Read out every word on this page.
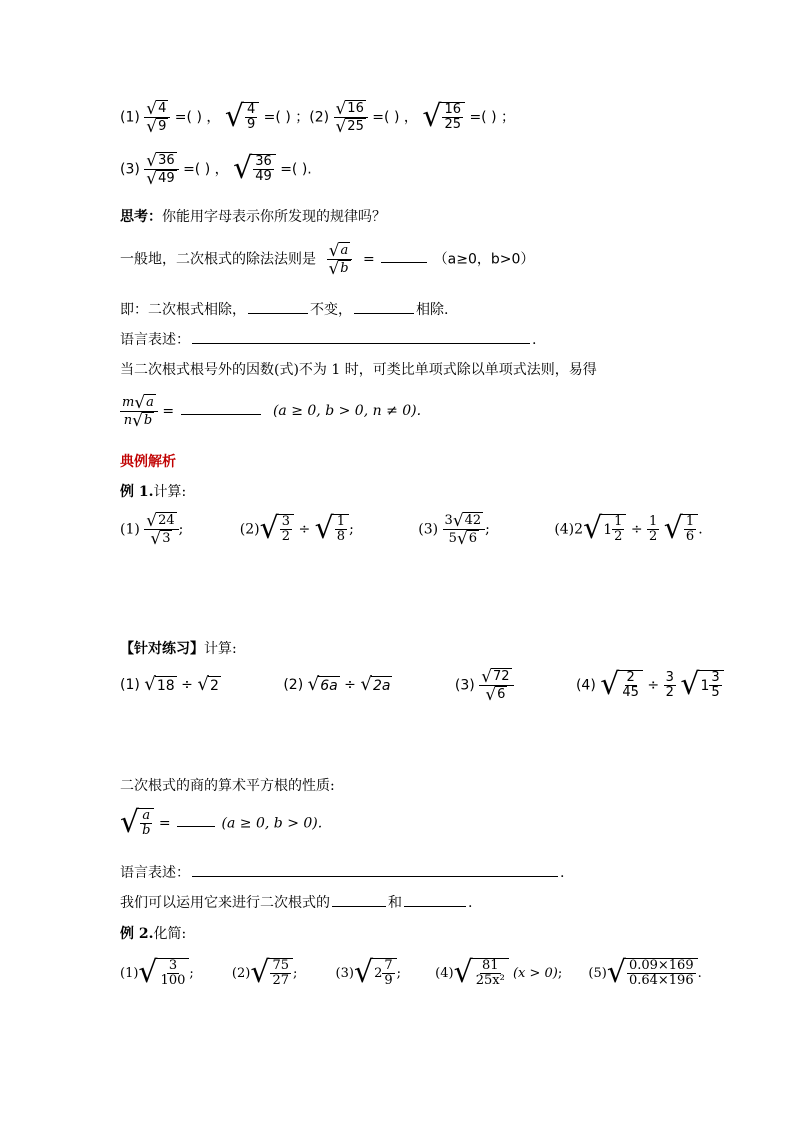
$(1) \frac{√ 4}{√ 9}$ =( ) ， √ $\frac{4}{9}$ =( ) ；$(2) \frac{√ 16}{√ 25}$ =( ) ， √ $\frac{16}{25}$ =( ) ；
$(3) \frac{√ 36}{√ 49}$ =( ) ， √ $\frac{36}{49}$ =( ).
思考：你能用字母表示你所发现的规律吗？
一般地，二次根式的除法法则是 $\frac{√ a}{√ b}$ =	（a≥0，b>0）
即：二次根式相除，	不变，	相除.
语言表述：	.
当二次根式根号外的因数(式)不为 1 时，可类比单项式除以单项式法则，易得
$\frac{m √ a}{n √ b}$ =	(a ≥ 0, b > 0, n ≠ 0).
典例解析
例 1.计算:
$(1) \frac{√ 24}{√ 3}$ ;	(2) √ $\frac{3}{2}$ ÷ √ $\frac{1}{8}$ ;	$(3) \frac{3 √ 42}{5 √ 6}$ ;	(4)2 √ $1 \frac{1}{2} \div \frac{1}{2}$
√ $\frac{1}{6}$ .
【针对练习】计算:
(1) √ 18 ÷ √ 2	(2) √ 6a ÷ √ 2a	$(3) \frac{√ 72}{√ 6}$	(4) √ $\frac{2}{45} \div \frac{3}{2}$
√ $1 \frac{3}{5}$
二次根式的商的算术平方根的性质:
√ $\frac{a}{b}$ =	(a ≥ 0, b > 0).
语言表述：	.
我们可以运用它来进行二次根式的	和	.
例 2.化简:
(1) √ $\frac{3}{100}$ ;	(2) √ $\frac{75}{27}$ ;	(3) √ $2 \frac{7}{9}$ ;	(4) √ $\frac{81}{\text{25x²}} (x > 0)$; (5) √ $\frac{0.09\times 169}{0.64\times 196}$ .
